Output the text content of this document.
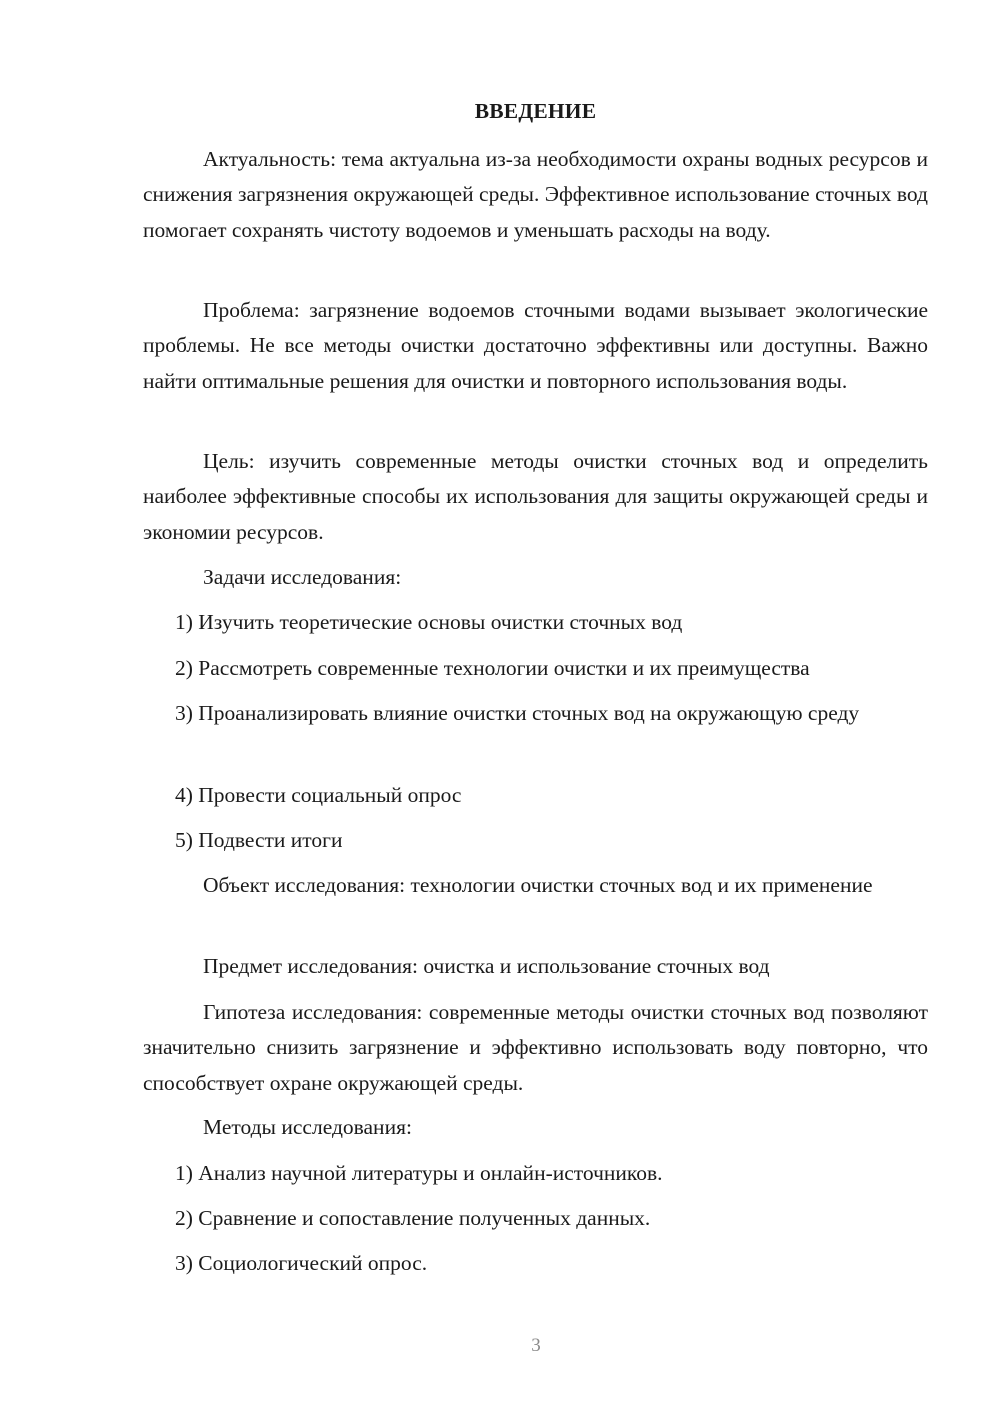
ВВЕДЕНИЕ

Актуальность: тема актуальна из-за необходимости охраны водных ресурсов и снижения загрязнения окружающей среды. Эффективное использование сточных вод помогает сохранять чистоту водоемов и уменьшать расходы на воду.

Проблема: загрязнение водоемов сточными водами вызывает экологические проблемы. Не все методы очистки достаточно эффективны или доступны. Важно найти оптимальные решения для очистки и повторного использования воды.

Цель: изучить современные методы очистки сточных вод и определить наиболее эффективные способы их использования для защиты окружающей среды и экономии ресурсов.

Задачи исследования:

1) Изучить теоретические основы очистки сточных вод

2) Рассмотреть современные технологии очистки и их преимущества

3) Проанализировать влияние очистки сточных вод на окружающую среду

4) Провести социальный опрос

5) Подвести итоги

Объект исследования: технологии очистки сточных вод и их применение

Предмет исследования: очистка и использование сточных вод

Гипотеза исследования: современные методы очистки сточных вод позволяют значительно снизить загрязнение и эффективно использовать воду повторно, что способствует охране окружающей среды.

Методы исследования:

1) Анализ научной литературы и онлайн-источников.

2) Сравнение и сопоставление полученных данных.

3) Социологический опрос.

3
